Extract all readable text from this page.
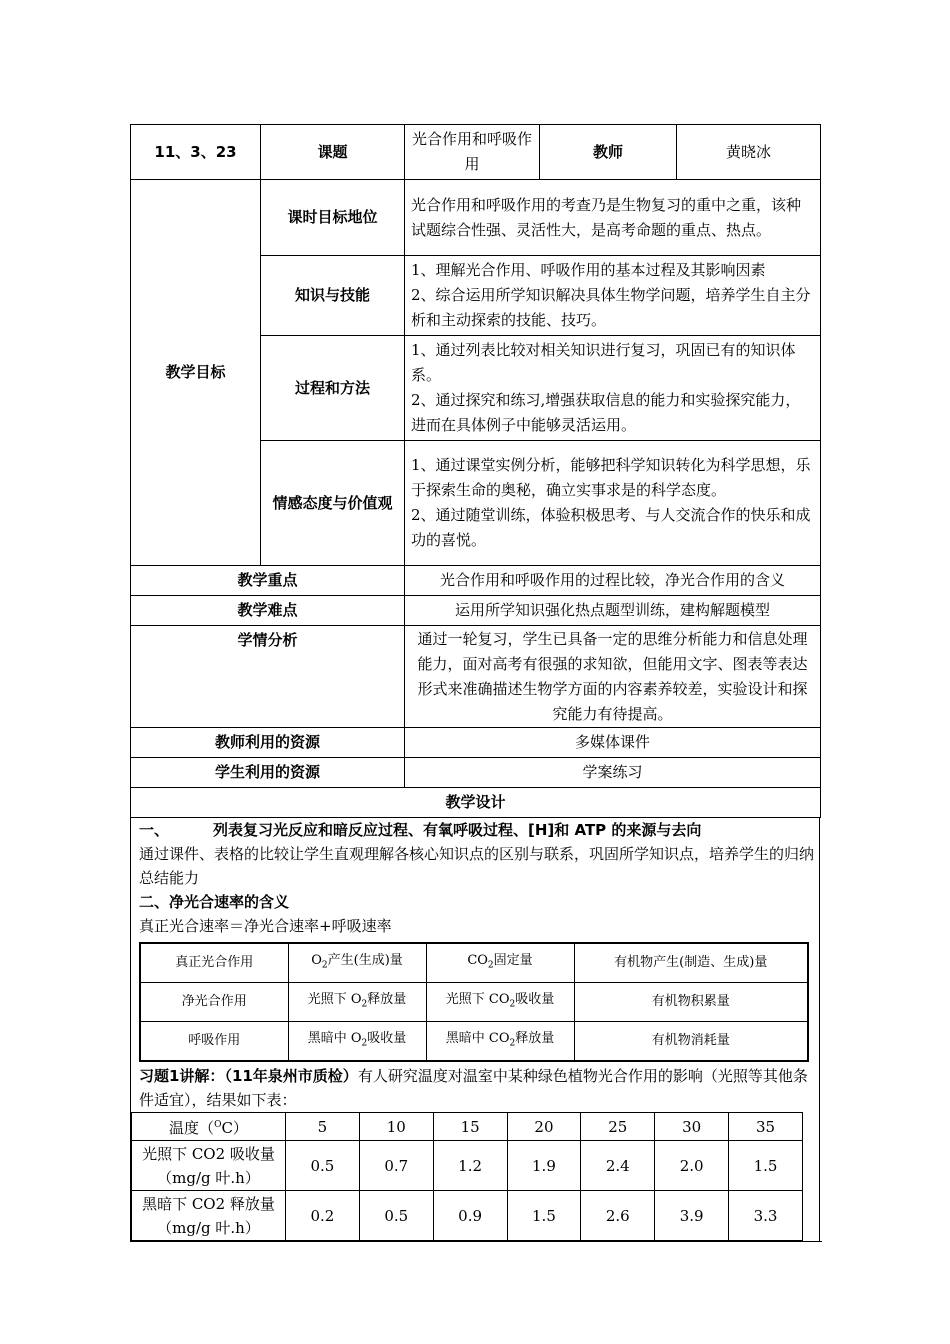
11、3、23	课题	光合作用和呼吸作用	教师	黄晓冰
教学目标	课时目标地位	光合作用和呼吸作用的考查乃是生物复习的重中之重，该种试题综合性强、灵活性大，是高考命题的重点、热点。		
	知识与技能	1、理解光合作用、呼吸作用的基本过程及其影响因素
2、综合运用所学知识解决具体生物学问题，培养学生自主分析和主动探索的技能、技巧。		

	过程和方法	1、通过列表比较对相关知识进行复习，巩固已有的知识体系。
2、通过探究和练习,增强获取信息的能力和实验探究能力，进而在具体例子中能够灵活运用。		

	情感态度与价值观	1、通过课堂实例分析，能够把科学知识转化为科学思想，乐于探索生命的奥秘，确立实事求是的科学态度。
2、通过随堂训练，体验积极思考、与人交流合作的快乐和成功的喜悦。		

教学重点		光合作用和呼吸作用的过程比较，净光合作用的含义		
教学难点		运用所学知识强化热点题型训练，建构解题模型		
学情分析		通过一轮复习，学生已具备一定的思维分析能力和信息处理能力，面对高考有很强的求知欲，但能用文字、图表等表达形式来准确描述生物学方面的内容素养较差，实验设计和探究能力有待提高。		
教师利用的资源		多媒体课件		
学生利用的资源		学案练习		
教学设计				

一、	列表复习光反应和暗反应过程、有氧呼吸过程、[H]和 ATP 的来源与去向

通过课件、表格的比较让学生直观理解各核心知识点的区别与联系，巩固所学知识点，培养学生的归纳总结能力

二、净光合速率的含义

真正光合速率＝净光合速率+呼吸速率

真正光合作用	$O_2$产生(生成)量	$CO_2$固定量	有机物产生(制造、生成)量
净光合作用	光照下 $O_2$释放量	光照下 $CO_2$吸收量	有机物积累量
呼吸作用	黑暗中 $O_2$吸收量	黑暗中 $CO_2$释放量	有机物消耗量

习题1讲解：（11年泉州市质检）有人研究温度对温室中某种绿色植物光合作用的影响（光照等其他条件适宜），结果如下表：

温度（$^O$C）	5	10	15	20	25	30	35
光照下 CO2 吸收量（mg/g 叶.h）	0.5	0.7	1.2	1.9	2.4	2.0	1.5
黑暗下 CO2 释放量（mg/g 叶.h）	0.2	0.5	0.9	1.5	2.6	3.9	3.3
